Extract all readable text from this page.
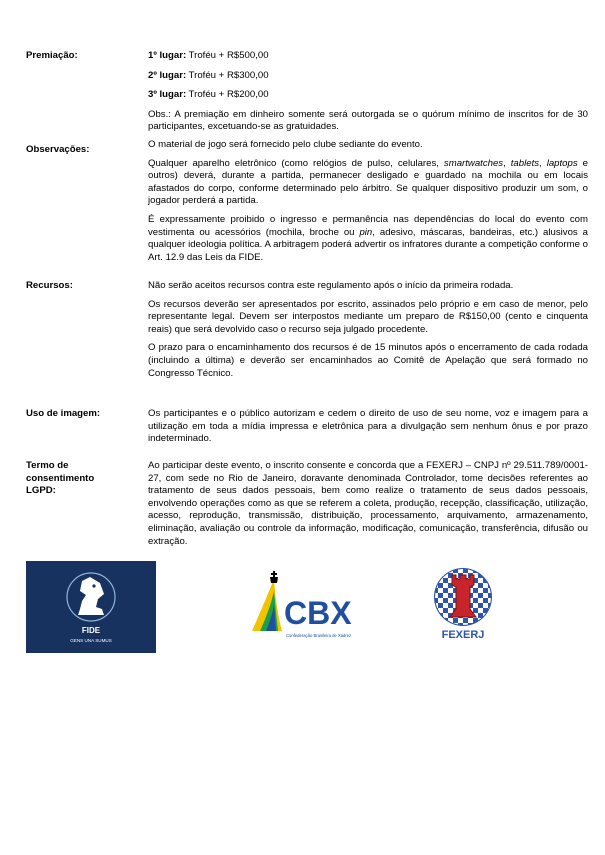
Premiação:	1º lugar: Troféu + R$500,00
2º lugar: Troféu + R$300,00
3º lugar: Troféu + R$200,00

Obs.: A premiação em dinheiro somente será outorgada se o quórum mínimo de inscritos for de 30 participantes, excetuando-se as gratuidades.

Observações:	O material de jogo será fornecido pelo clube sediante do evento.

Qualquer aparelho eletrônico (como relógios de pulso, celulares, smartwatches, tablets, laptops e outros) deverá, durante a partida, permanecer desligado e guardado na mochila ou em locais afastados do corpo, conforme determinado pelo árbitro. Se qualquer dispositivo produzir um som, o jogador perderá a partida.

É expressamente proibido o ingresso e permanência nas dependências do local do evento com vestimenta ou acessórios (mochila, broche ou pin, adesivo, máscaras, bandeiras, etc.) alusivos a qualquer ideologia política. A arbitragem poderá advertir os infratores durante a competição conforme o Art. 12.9 das Leis da FIDE.

Recursos:	Não serão aceitos recursos contra este regulamento após o início da primeira rodada.

Os recursos deverão ser apresentados por escrito, assinados pelo próprio e em caso de menor, pelo representante legal. Devem ser interpostos mediante um preparo de R$150,00 (cento e cinquenta reais) que será devolvido caso o recurso seja julgado procedente.

O prazo para o encaminhamento dos recursos é de 15 minutos após o encerramento de cada rodada (incluindo a última) e deverão ser encaminhados ao Comitê de Apelação que será formado no Congresso Técnico.

Uso de imagem:	Os participantes e o público autorizam e cedem o direito de uso de seu nome, voz e imagem para a utilização em toda a mídia impressa e eletrônica para a divulgação sem nenhum ônus e por prazo indeterminado.

Termo de
consentimento
LGPD:

Ao participar deste evento, o inscrito consente e concorda que a FEXERJ – CNPJ nº 29.511.789/0001-27, com sede no Rio de Janeiro, doravante denominada Controlador, tome decisões referentes ao tratamento de seus dados pessoais, bem como realize o tratamento de seus dados pessoais, envolvendo operações como as que se referem a coleta, produção, recepção, classificação, utilização, acesso, reprodução, transmissão, distribuição, processamento, arquivamento, armazenamento, eliminação, avaliação ou controle da informação, modificação, comunicação, transferência, difusão ou extração.

FIDE
GENS UNA SUMUS
CBX
Confederação Brasileira de Xadrez	FEXERJ
